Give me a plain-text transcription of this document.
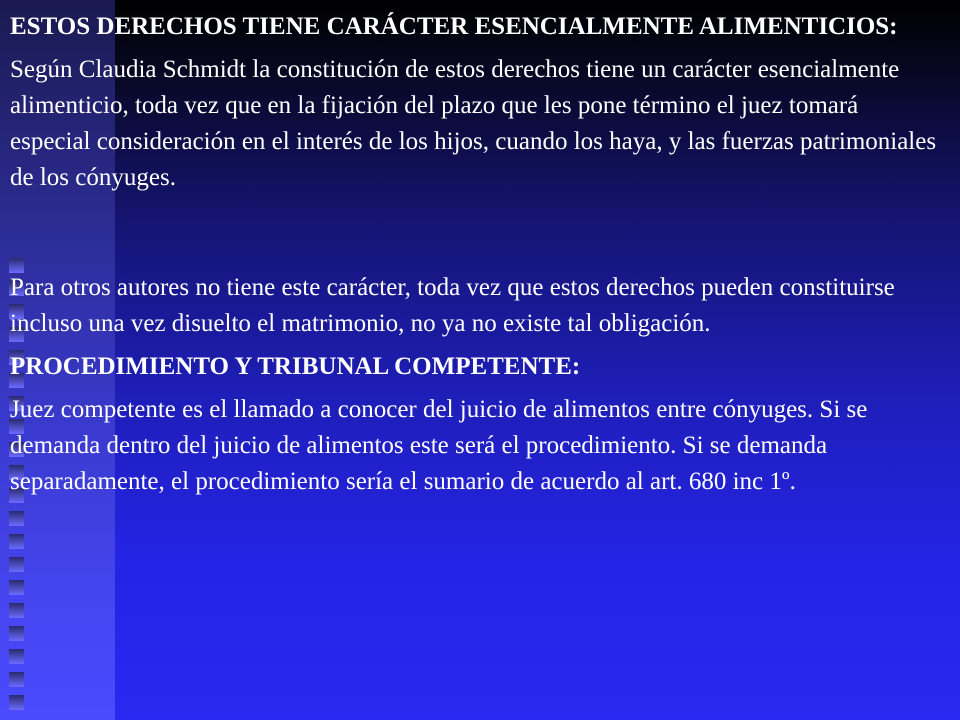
ESTOS DERECHOS TIENE CARÁCTER ESENCIALMENTE ALIMENTICIOS:

Según Claudia Schmidt la constitución de estos derechos tiene un carácter esencialmente alimenticio, toda vez que en la fijación del plazo que les pone término el juez tomará especial consideración en el interés de los hijos, cuando los haya, y las fuerzas patrimoniales de los cónyuges.

Para otros autores no tiene este carácter, toda vez que estos derechos pueden constituirse incluso una vez disuelto el matrimonio, no ya no existe tal obligación.

PROCEDIMIENTO Y TRIBUNAL COMPETENTE:

Juez competente es el llamado a conocer del juicio de alimentos entre cónyuges. Si se demanda dentro del juicio de alimentos este será el procedimiento. Si se demanda separadamente, el procedimiento sería el sumario de acuerdo al art. 680 inc 1º.
